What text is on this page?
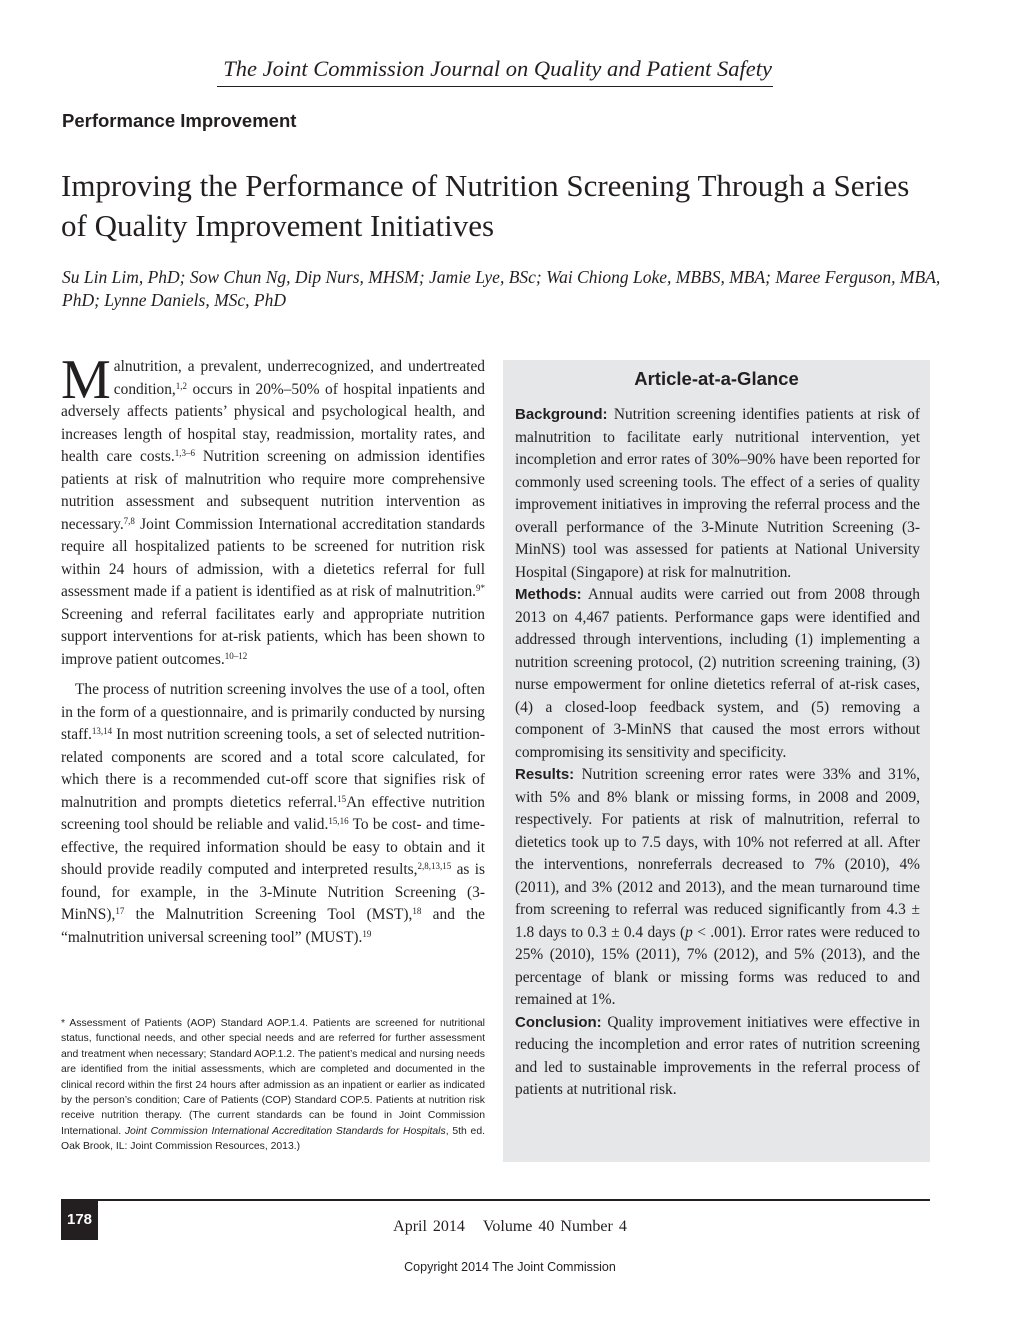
The Joint Commission Journal on Quality and Patient Safety
Performance Improvement
Improving the Performance of Nutrition Screening Through a Series of Quality Improvement Initiatives
Su Lin Lim, PhD; Sow Chun Ng, Dip Nurs, MHSM; Jamie Lye, BSc; Wai Chiong Loke, MBBS, MBA; Maree Ferguson, MBA, PhD; Lynne Daniels, MSc, PhD

Malnutrition, a prevalent, underrecognized, and undertreated condition,$^{1,2}$ occurs in 20%–50% of hospital inpatients and adversely affects patients’ physical and psychological health, and increases length of hospital stay, readmission, mortality rates, and health care costs.$^{1,3-6}$ Nutrition screening on admission identifies patients at risk of malnutrition who require more comprehensive nutrition assessment and subsequent nutrition intervention as necessary.$^{7,8}$ Joint Commission International accreditation standards require all hospitalized patients to be screened for nutrition risk within 24 hours of admission, with a dietetics referral for full assessment made if a patient is identified as at risk of malnutrition.$^{9*}$ Screening and referral facilitates early and appropriate nutrition support interventions for at-risk patients, which has been shown to improve patient outcomes.$^{10-12}$

The process of nutrition screening involves the use of a tool, often in the form of a questionnaire, and is primarily conducted by nursing staff.$^{13,14}$ In most nutrition screening tools, a set of selected nutrition-related components are scored and a total score calculated, for which there is a recommended cut-off score that signifies risk of malnutrition and prompts dietetics referral.$^{15}$An effective nutrition screening tool should be reliable and valid.$^{15,16}$ To be cost- and time-effective, the required information should be easy to obtain and it should provide readily computed and interpreted results,$^{2,8,13,15}$ as is found, for example, in the 3-Minute Nutrition Screening (3-MinNS),$^{17}$ the Malnutrition Screening Tool (MST),$^{18}$ and the “malnutrition universal screening tool” (MUST).$^{19}$

* Assessment of Patients (AOP) Standard AOP.1.4. Patients are screened for nutritional status, functional needs, and other special needs and are referred for further assessment and treatment when necessary; Standard AOP.1.2. The patient’s medical and nursing needs are identified from the initial assessments, which are completed and documented in the clinical record within the first 24 hours after admission as an inpatient or earlier as indicated by the person’s condition; Care of Patients (COP) Standard COP.5. Patients at nutrition risk receive nutrition therapy. (The current standards can be found in Joint Commission International. Joint Commission International Accreditation Standards for Hospitals, 5th ed. Oak Brook, IL: Joint Commission Resources, 2013.)
Article-at-a-Glance

Background: Nutrition screening identifies patients at risk of malnutrition to facilitate early nutritional intervention, yet incompletion and error rates of 30%–90% have been reported for commonly used screening tools. The effect of a series of quality improvement initiatives in improving the referral process and the overall performance of the 3-Minute Nutrition Screening (3-MinNS) tool was assessed for patients at National University Hospital (Singapore) at risk for malnutrition.

Methods: Annual audits were carried out from 2008 through 2013 on 4,467 patients. Performance gaps were identified and addressed through interventions, including (1) implementing a nutrition screening protocol, (2) nutrition screening training, (3) nurse empowerment for online dietetics referral of at-risk cases, (4) a closed-loop feedback system, and (5) removing a component of 3-MinNS that caused the most errors without compromising its sensitivity and specificity.

Results: Nutrition screening error rates were 33% and 31%, with 5% and 8% blank or missing forms, in 2008 and 2009, respectively. For patients at risk of malnutrition, referral to dietetics took up to 7.5 days, with 10% not referred at all. After the interventions, nonreferrals decreased to 7% (2010), 4% (2011), and 3% (2012 and 2013), and the mean turnaround time from screening to referral was reduced significantly from 4.3 ± 1.8 days to 0.3 ± 0.4 days (p < .001). Error rates were reduced to 25% (2010), 15% (2011), 7% (2012), and 5% (2013), and the percentage of blank or missing forms was reduced to and remained at 1%.

Conclusion: Quality improvement initiatives were effective in reducing the incompletion and error rates of nutrition screening and led to sustainable improvements in the referral process of patients at nutritional risk.

178	April 2014 Volume 40 Number 4
Copyright 2014 The Joint Commission
